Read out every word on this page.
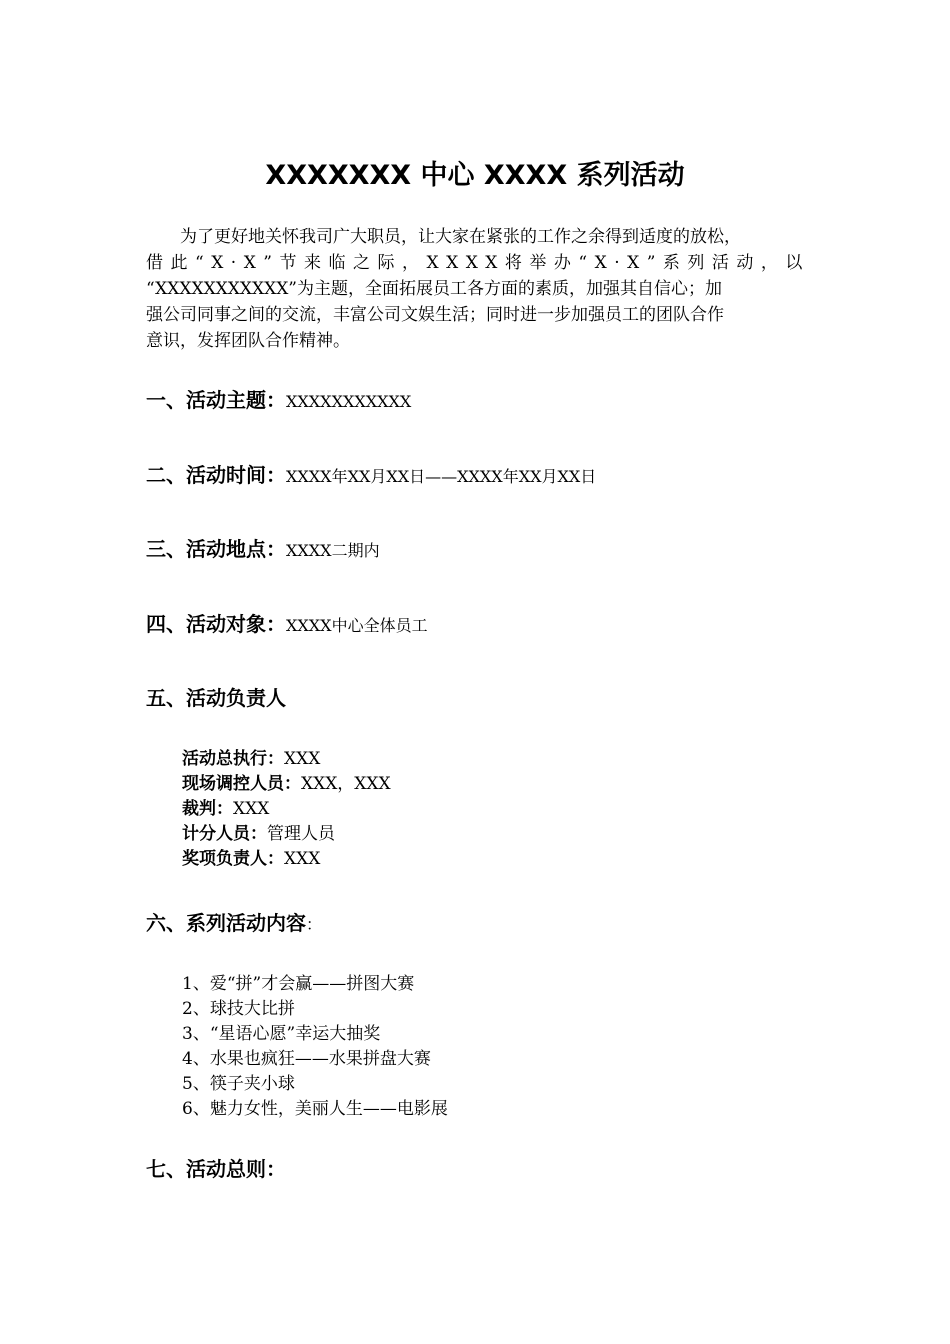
XXXXXXX 中心 XXXX 系列活动

为了更好地关怀我司广大职员，让大家在紧张的工作之余得到适度的放松，

借此“X·X”节来临之际，XXXX将举办“X·X”系列活动，以

“XXXXXXXXXXX”为主题，全面拓展员工各方面的素质，加强其自信心；加

强公司同事之间的交流，丰富公司文娱生活；同时进一步加强员工的团队合作

意识，发挥团队合作精神。

一、活动主题：XXXXXXXXXXX
二、活动时间：XXXX年XX月XX日——XXXX年XX月XX日
三、活动地点：XXXX二期内
四、活动对象：XXXX中心全体员工
五、活动负责人
活动总执行：XXX
现场调控人员：XXX，XXX
裁判：XXX
计分人员：管理人员
奖项负责人：XXX
六、系列活动内容：
1、爱“拼”才会赢——拼图大赛
2、球技大比拼
3、“星语心愿”幸运大抽奖
4、水果也疯狂——水果拼盘大赛
5、筷子夹小球
6、魅力女性，美丽人生——电影展
七、活动总则：
